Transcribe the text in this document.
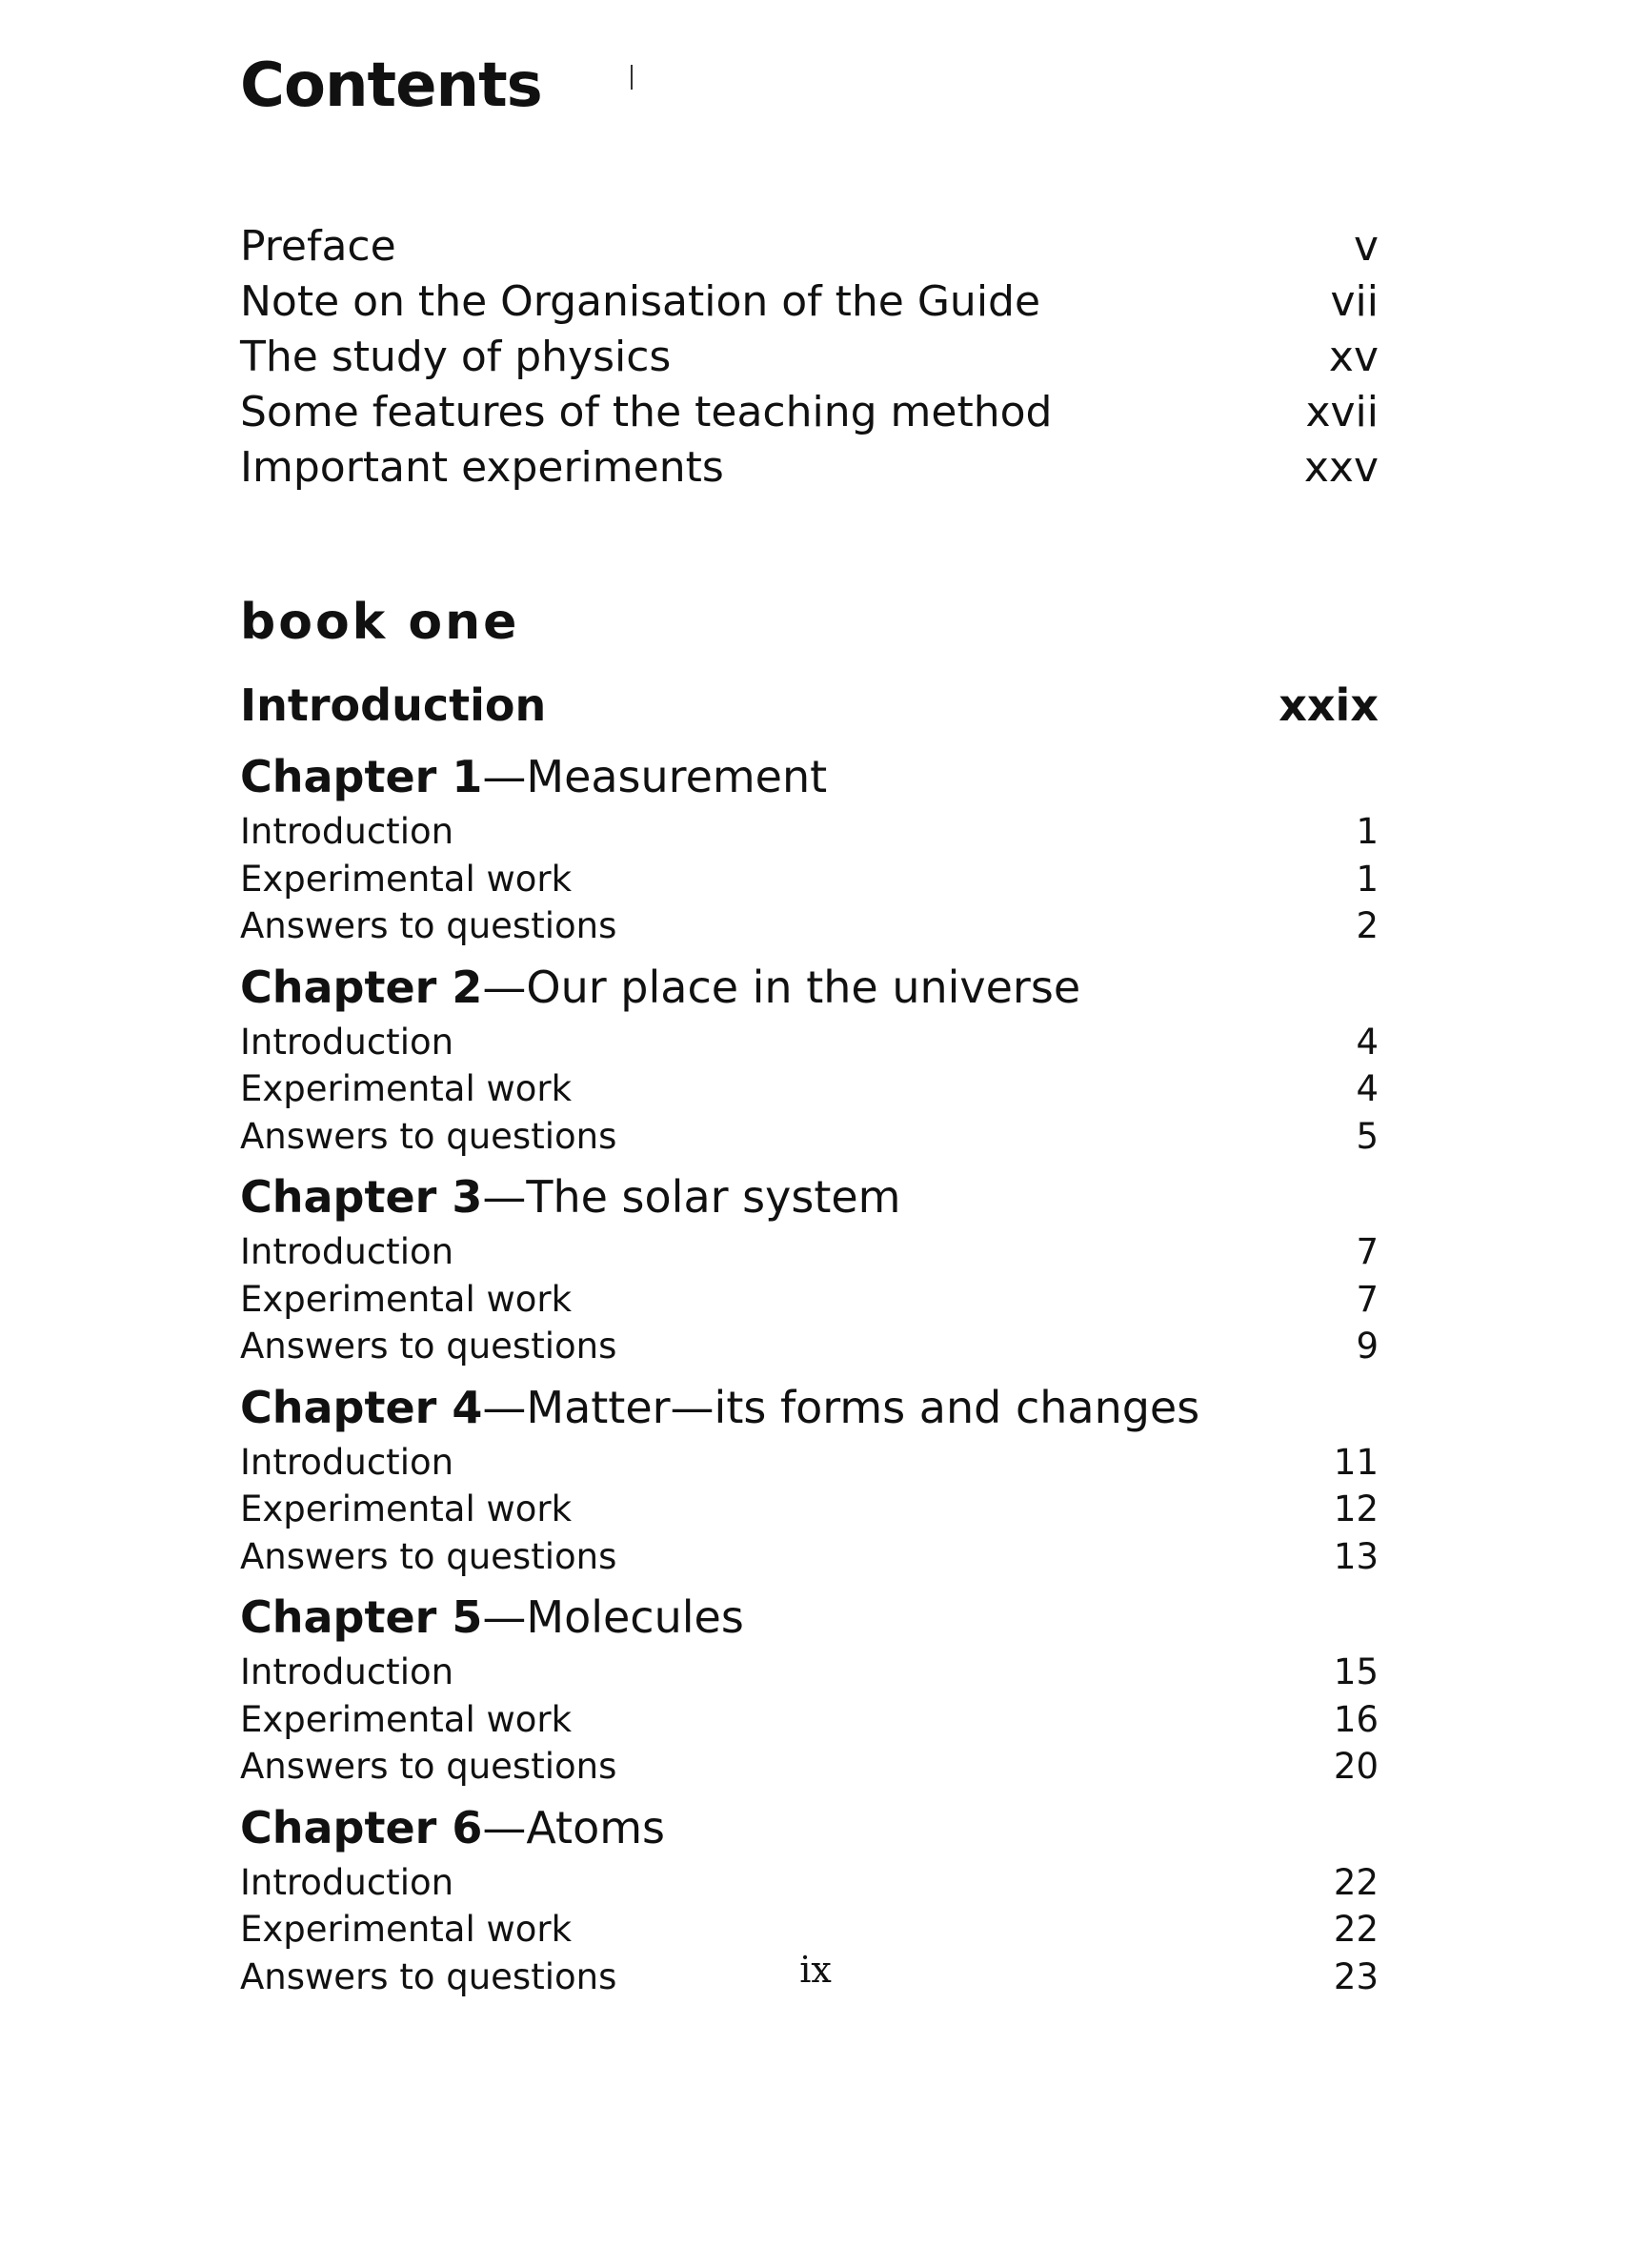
Contents
Preface	v
Note on the Organisation of the Guide	vii
The study of physics	xv
Some features of the teaching method	xvii
Important experiments	xxv
book one
Introduction	xxix
Chapter 1—Measurement
Introduction	1
Experimental work	1
Answers to questions	2
Chapter 2—Our place in the universe
Introduction	4
Experimental work	4
Answers to questions	5
Chapter 3—The solar system
Introduction	7
Experimental work	7
Answers to questions	9
Chapter 4—Matter—its forms and changes
Introduction	11
Experimental work	12
Answers to questions	13
Chapter 5—Molecules
Introduction	15
Experimental work	16
Answers to questions	20
Chapter 6—Atoms
Introduction	22
Experimental work	22
Answers to questions	23
ix
